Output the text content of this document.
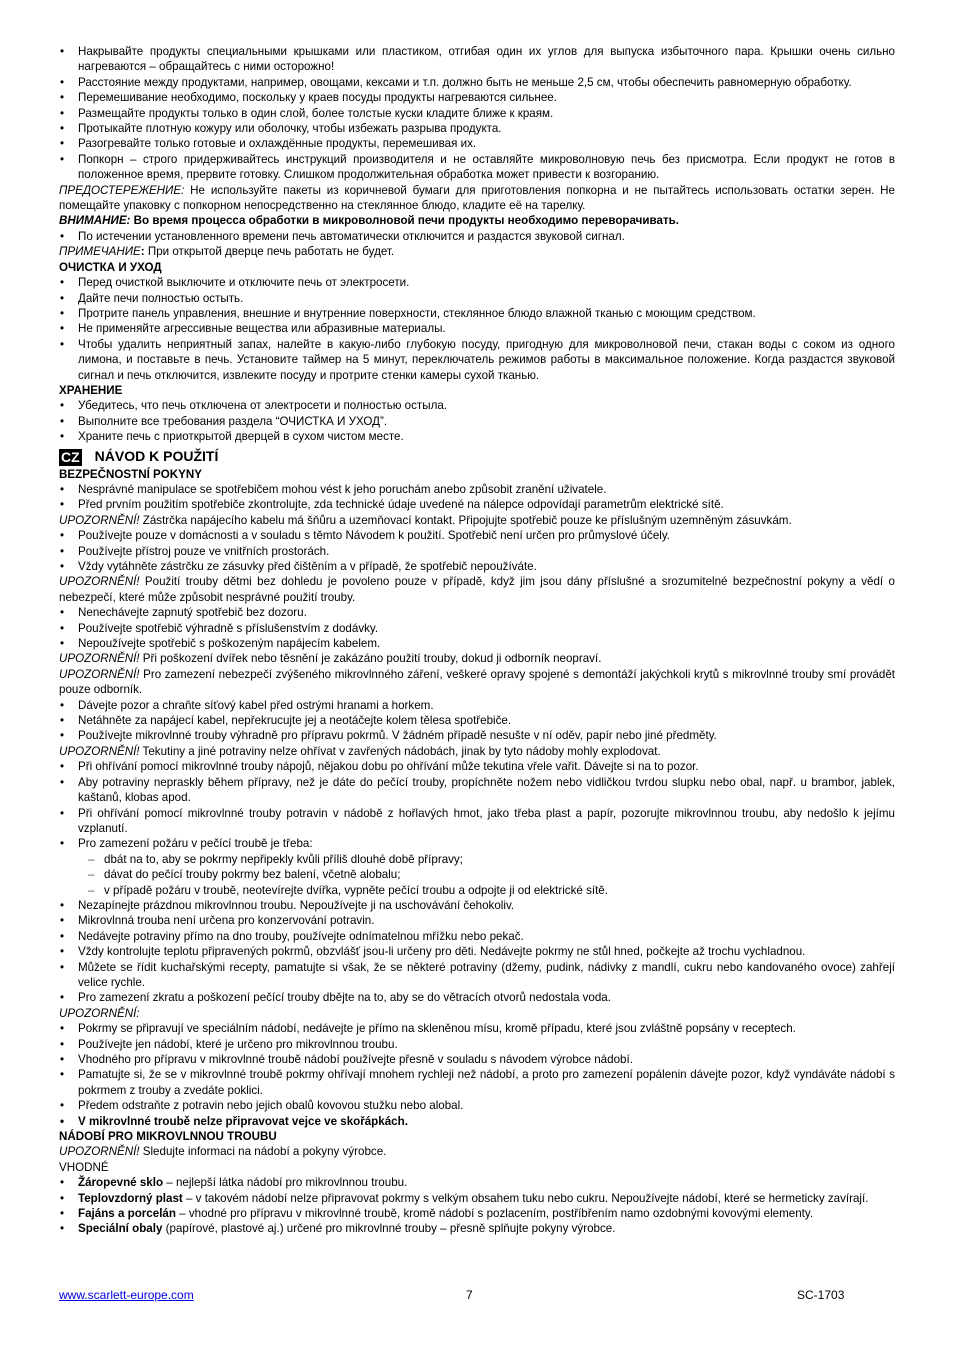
• Накрывайте продукты специальными крышками или пластиком, отгибая один их углов для выпуска избыточного пара. Крышки очень сильно нагреваются – обращайтесь с ними осторожно!
• Расстояние между продуктами, например, овощами, кексами и т.п. должно быть не меньше 2,5 см, чтобы обеспечить равномерную обработку.
• Перемешивание необходимо, поскольку у краев посуды продукты нагреваются сильнее.
• Размещайте продукты только в один слой, более толстые куски кладите ближе к краям.
• Протыкайте плотную кожуру или оболочку, чтобы избежать разрыва продукта.
• Разогревайте только готовые и охлаждённые продукты, перемешивая их.
• Попкорн – строго придерживайтесь инструкций производителя и не оставляйте микроволновую печь без присмотра. Если продукт не готов в положенное время, прервите готовку. Слишком продолжительная обработка может привести к возгоранию.

ПРЕДОСТЕРЕЖЕНИЕ: Не используйте пакеты из коричневой бумаги для приготовления попкорна и не пытайтесь использовать остатки зерен. Не помещайте упаковку с попкорном непосредственно на стеклянное блюдо, кладите её на тарелку.

ВНИМАНИЕ: Во время процесса обработки в микроволновой печи продукты необходимо переворачивать.

• По истечении установленного времени печь автоматически отключится и раздастся звуковой сигнал.

ПРИМЕЧАНИЕ: При открытой дверце печь работать не будет.

ОЧИСТКА И УХОД

• Перед очисткой выключите и отключите печь от электросети.
• Дайте печи полностью остыть.
• Протрите панель управления, внешние и внутренние поверхности, стеклянное блюдо влажной тканью с моющим средством.
• Не применяйте агрессивные вещества или абразивные материалы.
• Чтобы удалить неприятный запах, налейте в какую-либо глубокую посуду, пригодную для микроволновой печи, стакан воды с соком из одного лимона, и поставьте в печь. Установите таймер на 5 минут, переключатель режимов работы в максимальное положение. Когда раздастся звуковой сигнал и печь отключится, извлеките посуду и протрите стенки камеры сухой тканью.

ХРАНЕНИЕ

• Убедитесь, что печь отключена от электросети и полностью остыла.
• Выполните все требования раздела “ОЧИСТКА И УХОД”.
• Храните печь с приоткрытой дверцей в сухом чистом месте.
CZ NÁVOD K POUŽITÍ

BEZPEČNOSTNÍ POKYNY

• Nesprávné manipulace se spotřebičem mohou vést k jeho poruchám anebo způsobit zranění uživatele.
• Před prvním použitím spotřebiče zkontrolujte, zda technické údaje uvedené na nálepce odpovídají parametrům elektrické sítě.

UPOZORNĚNÍ! Zástrčka napájecího kabelu má šňůru a uzemňovací kontakt. Připojujte spotřebič pouze ke příslušným uzemněným zásuvkám.

• Používejte pouze v domácnosti a v souladu s těmto Návodem k použití. Spotřebič není určen pro průmyslové účely.
• Používejte přístroj pouze ve vnitřních prostorách.
• Vždy vytáhněte zástrčku ze zásuvky před čištěním a v případě, že spotřebič nepoužíváte.

UPOZORNĚNÍ! Použití trouby dětmi bez dohledu je povoleno pouze v případě, když jim jsou dány příslušné a srozumitelné bezpečnostní pokyny a vědí o nebezpečí, které může způsobit nesprávné použití trouby.

• Nenechávejte zapnutý spotřebič bez dozoru.
• Používejte spotřebič výhradně s příslušenstvím z dodávky.
• Nepoužívejte spotřebič s poškozeným napájecím kabelem.

UPOZORNĚNÍ! Při poškození dvířek nebo těsnění je zakázáno použití trouby, dokud ji odborník neopraví.

UPOZORNĚNÍ! Pro zamezení nebezpečí zvýšeného mikrovlnného záření, veškeré opravy spojené s demontáží jakýchkoli krytů s mikrovlnné trouby smí provádět pouze odborník.

• Dávejte pozor a chraňte síťový kabel před ostrými hranami a horkem.
• Netáhněte za napájecí kabel, nepřekrucujte jej a neotáčejte kolem tělesa spotřebiče.
• Používejte mikrovlnné trouby výhradně pro přípravu pokrmů. V žádném případě nesušte v ní oděv, papír nebo jiné předměty.

UPOZORNĚNÍ! Tekutiny a jiné potraviny nelze ohřívat v zavřených nádobách, jinak by tyto nádoby mohly explodovat.

• Při ohřívání pomocí mikrovlnné trouby nápojů, nějakou dobu po ohřívání může tekutina vřele vařit. Dávejte si na to pozor.
• Aby potraviny nepraskly během přípravy, než je dáte do pečící trouby, propíchněte nožem nebo vidličkou tvrdou slupku nebo obal, např. u brambor, jablek, kaštanů, klobas apod.
• Při ohřívání pomocí mikrovlnné trouby potravin v nádobě z hořlavých hmot, jako třeba plast a papír, pozorujte mikrovlnnou troubu, aby nedošlo k jejímu vzplanutí.
• Pro zamezení požáru v pečící troubě je třeba:
– dbát na to, aby se pokrmy nepřipekly kvůli příliš dlouhé době přípravy;
– dávat do pečící trouby pokrmy bez balení, včetně alobalu;
– v případě požáru v troubě, neotevírejte dvířka, vypněte pečící troubu a odpojte ji od elektrické sítě.
• Nezapínejte prázdnou mikrovlnnou troubu. Nepoužívejte ji na uschovávání čehokoliv.
• Mikrovlnná trouba není určena pro konzervování potravin.
• Nedávejte potraviny přímo na dno trouby, používejte odnímatelnou mřížku nebo pekač.
• Vždy kontrolujte teplotu připravených pokrmů, obzvlášť jsou-li určeny pro děti. Nedávejte pokrmy ne stůl hned, počkejte až trochu vychladnou.
• Můžete se řídit kuchařskými recepty, pamatujte si však, že se některé potraviny (džemy, pudink, nádivky z mandlí, cukru nebo kandovaného ovoce) zahřejí velice rychle.
• Pro zamezení zkratu a poškození pečící trouby dbějte na to, aby se do větracích otvorů nedostala voda.

UPOZORNĚNÍ:

• Pokrmy se připravují ve speciálním nádobí, nedávejte je přímo na skleněnou mísu, kromě případu, které jsou zvláštně popsány v receptech.
• Používejte jen nádobí, které je určeno pro mikrovlnnou troubu.
• Vhodného pro přípravu v mikrovlnné troubě nádobí používejte přesně v souladu s návodem výrobce nádobí.
• Pamatujte si, že se v mikrovlnné troubě pokrmy ohřívají mnohem rychleji než nádobí, a proto pro zamezení popálenin dávejte pozor, když vyndáváte nádobí s pokrmem z trouby a zvedáte poklici.
• Předem odstraňte z potravin nebo jejich obalů kovovou stužku nebo alobal.
• V mikrovlnné troubě nelze připravovat vejce ve skořápkách.

NÁDOBÍ PRO MIKROVLNNOU TROUBU

UPOZORNĚNÍ! Sledujte informaci na nádobí a pokyny výrobce.

VHODNÉ

• Žáropevné sklo – nejlepší látka nádobí pro mikrovlnnou troubu.
• Teplovzdorný plast – v takovém nádobí nelze připravovat pokrmy s velkým obsahem tuku nebo cukru. Nepoužívejte nádobí, které se hermeticky zavírají.
• Fajáns a porcelán – vhodné pro přípravu v mikrovlnné troubě, kromě nádobí s pozlacením, postříbřením namo ozdobnými kovovými elementy.
• Speciální obaly (papírové, plastové aj.) určené pro mikrovlnné trouby – přesně splňujte pokyny výrobce.
www.scarlett-europe.com	7	SC-1703
